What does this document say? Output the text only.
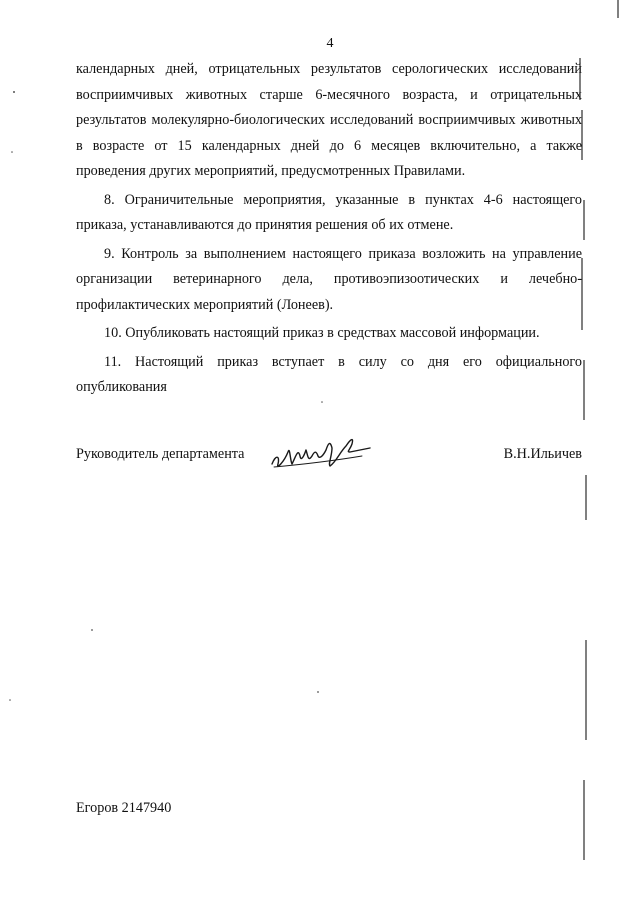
4

календарных дней, отрицательных результатов серологических исследований восприимчивых животных старше 6-месячного возраста, и отрицательных результатов молекулярно-биологических исследований восприимчивых животных в возрасте от 15 календарных дней до 6 месяцев включительно, а также проведения других мероприятий, предусмотренных Правилами.

8. Ограничительные мероприятия, указанные в пунктах 4-6 настоящего приказа, устанавливаются до принятия решения об их отмене.

9. Контроль за выполнением настоящего приказа возложить на управление организации ветеринарного дела, противоэпизоотических и лечебно-профилактических мероприятий (Лонеев).

10. Опубликовать настоящий приказ в средствах массовой информации.

11. Настоящий приказ вступает в силу со дня его официального опубликования

Руководитель департамента	В.Н.Ильичев
Егоров 2147940
